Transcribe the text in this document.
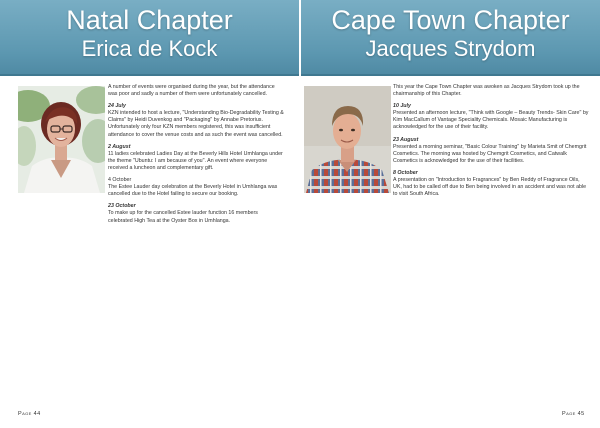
Natal Chapter
Erica de Kock

A number of events were organised during the year, but the attendance was poor and sadly a number of them were unfortunately cancelled.

24 July
KZN intended to host a lecture, "Understanding Bio-Degradability Testing & Claims" by Heidi Duvenkog and "Packaging" by Annabe Pretorius. Unfortunately only four KZN members registered, this was insufficient attendance to cover the venue costs and as such the event was cancelled.

2 August
11 ladies celebrated Ladies Day at the Beverly Hills Hotel Umhlanga under the theme "Ubuntu: I am because of you". An event where everyone received a luncheon and complementary gift.

4 October
The Estee Lauder day celebration at the Beverly Hotel in Umhlanga was cancelled due to the Hotel failing to secure our booking.

23 October
To make up for the cancelled Estee lauder function 16 members celebrated High Tea at the Oyster Box in Umhlanga.

Page 44
Cape Town Chapter
Jacques Strydom

This year the Cape Town Chapter was awoken as Jacques Strydom took up the chairmanship of this Chapter.

10 July
Presented an afternoon lecture, "Think with Google – Beauty Trends- Skin Care" by Kim MacCallum of Vantage Speciality Chemicals. Mosaic Manufacturing is acknowledged for the use of their facility.

23 August
Presented a morning seminar, "Basic Colour Training" by Marieta Smit of Chemgrit Cosmetics. The morning was hosted by Chemgrit Cosmetics, and Catwalk Cosmetics is acknowledged for the use of their facilities.

8 October
A presentation on "Introduction to Fragrances" by Ben Reddy of Fragrance Oils, UK, had to be called off due to Ben being involved in an accident and was not able to visit South Africa.

Page 45
